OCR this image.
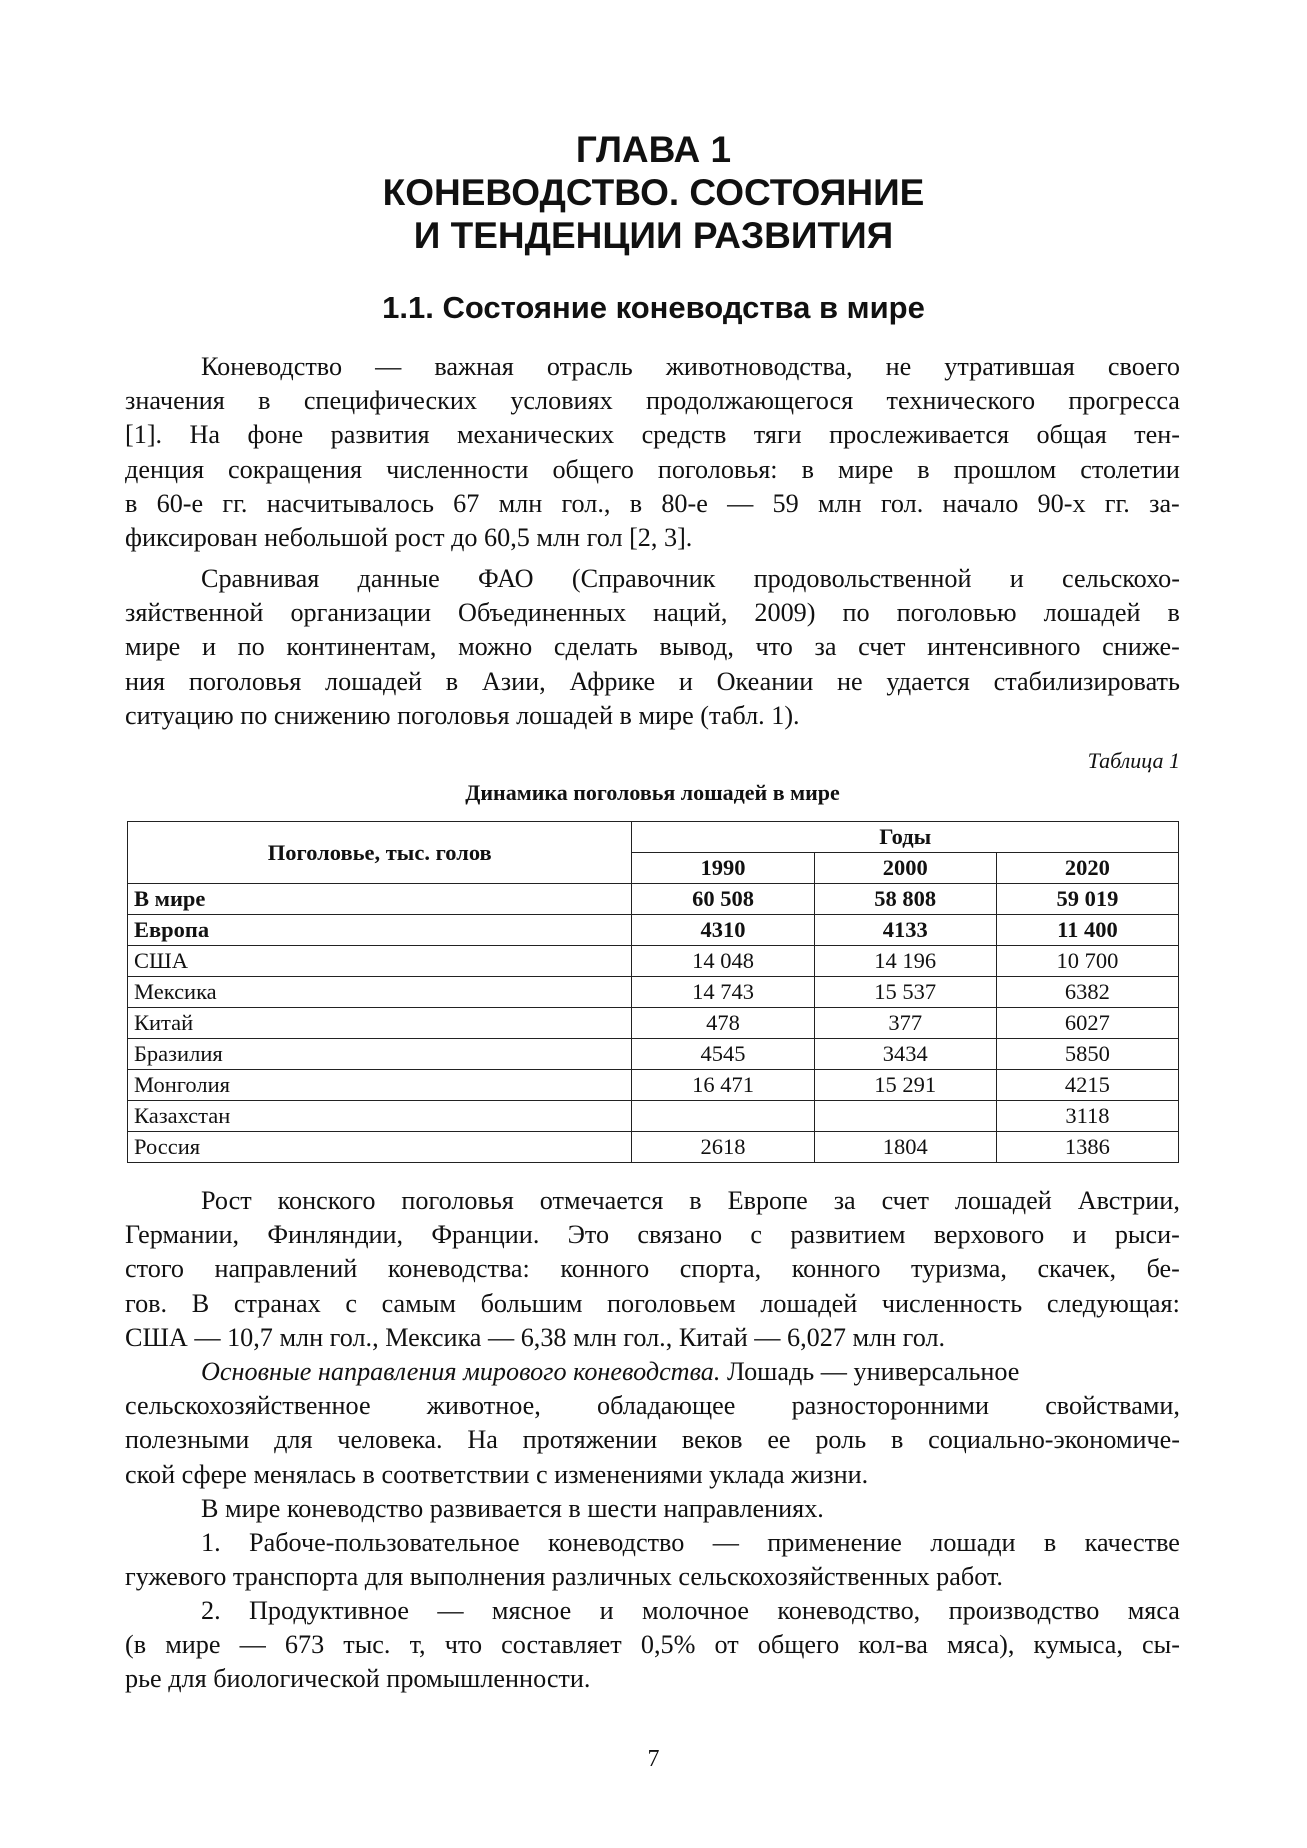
ГЛАВА 1
КОНЕВОДСТВО. СОСТОЯНИЕ
И ТЕНДЕНЦИИ РАЗВИТИЯ
1.1. Состояние коневодства в мире
Коневодство — важная отрасль животноводства, не утратившая своего
значения в специфических условиях продолжающегося технического прогресса
[1]. На фоне развития механических средств тяги прослеживается общая тен-
денция сокращения численности общего поголовья: в мире в прошлом столетии
в 60-е гг. насчитывалось 67 млн гол., в 80-е — 59 млн гол. начало 90-х гг. за-
фиксирован небольшой рост до 60,5 млн гол [2, 3].
Сравнивая данные ФАО (Справочник продовольственной и сельскохо-
зяйственной организации Объединенных наций, 2009) по поголовью лошадей в
мире и по континентам, можно сделать вывод, что за счет интенсивного сниже-
ния поголовья лошадей в Азии, Африке и Океании не удается стабилизировать
ситуацию по снижению поголовья лошадей в мире (табл. 1).
Таблица 1
Динамика поголовья лошадей в мире
Поголовье, тыс. голов	Годы		
	1990	2000	2020
В мире	60 508	58 808	59 019
Европа	4310	4133	11 400
США	14 048	14 196	10 700
Мексика	14 743	15 537	6382
Китай	478	377	6027
Бразилия	4545	3434	5850
Монголия	16 471	15 291	4215
Казахстан			3118
Россия	2618	1804	1386
Рост конского поголовья отмечается в Европе за счет лошадей Австрии,
Германии, Финляндии, Франции. Это связано с развитием верхового и рыси-
стого направлений коневодства: конного спорта, конного туризма, скачек, бе-
гов. В странах с самым большим поголовьем лошадей численность следующая:
США — 10,7 млн гол., Мексика — 6,38 млн гол., Китай — 6,027 млн гол.
Основные направления мирового коневодства. Лошадь — универсальное
сельскохозяйственное животное, обладающее разносторонними свойствами,
полезными для человека. На протяжении веков ее роль в социально-экономиче-
ской сфере менялась в соответствии с изменениями уклада жизни.
В мире коневодство развивается в шести направлениях.
1. Рабоче-пользовательное коневодство — применение лошади в качестве
гужевого транспорта для выполнения различных сельскохозяйственных работ.
2. Продуктивное — мясное и молочное коневодство, производство мяса
(в мире — 673 тыс. т, что составляет 0,5% от общего кол-ва мяса), кумыса, сы-
рье для биологической промышленности.
7
